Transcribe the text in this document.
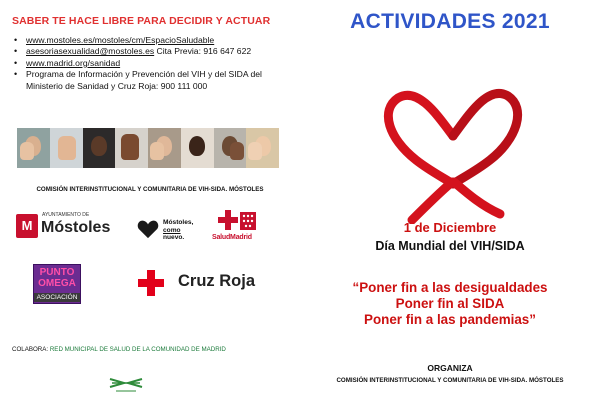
SABER TE HACE LIBRE PARA DECIDIR Y ACTUAR
• www.mostoles.es/mostoles/cm/EspacioSaludable
• asesoriasexualidad@mostoles.es Cita Previa: 916 647 622
• www.madrid.org/sanidad
• Programa de Información y Prevención del VIH y del SIDA del Ministerio de Sanidad y Cruz Roja: 900 111 000
COMISIÓN INTERINSTITUCIONAL Y COMUNITARIA DE VIH-SIDA. MÓSTOLES
M
AYUNTAMIENTO DE
Móstoles	Móstoles,
como
nuevo.	SaludMadrid
PUNTO
OMEGA
ASOCIACIÓN
Cruz Roja
COLABORA: RED MUNICIPAL DE SALUD DE LA COMUNIDAD DE MADRID
ACTIVIDADES 2021
1 de Diciembre
Día Mundial del VIH/SIDA
“Poner fin a las desigualdades
Poner fin al SIDA
Poner fin a las pandemias”
ORGANIZA
COMISIÓN INTERINSTITUCIONAL Y COMUNITARIA DE VIH-SIDA. MÓSTOLES
